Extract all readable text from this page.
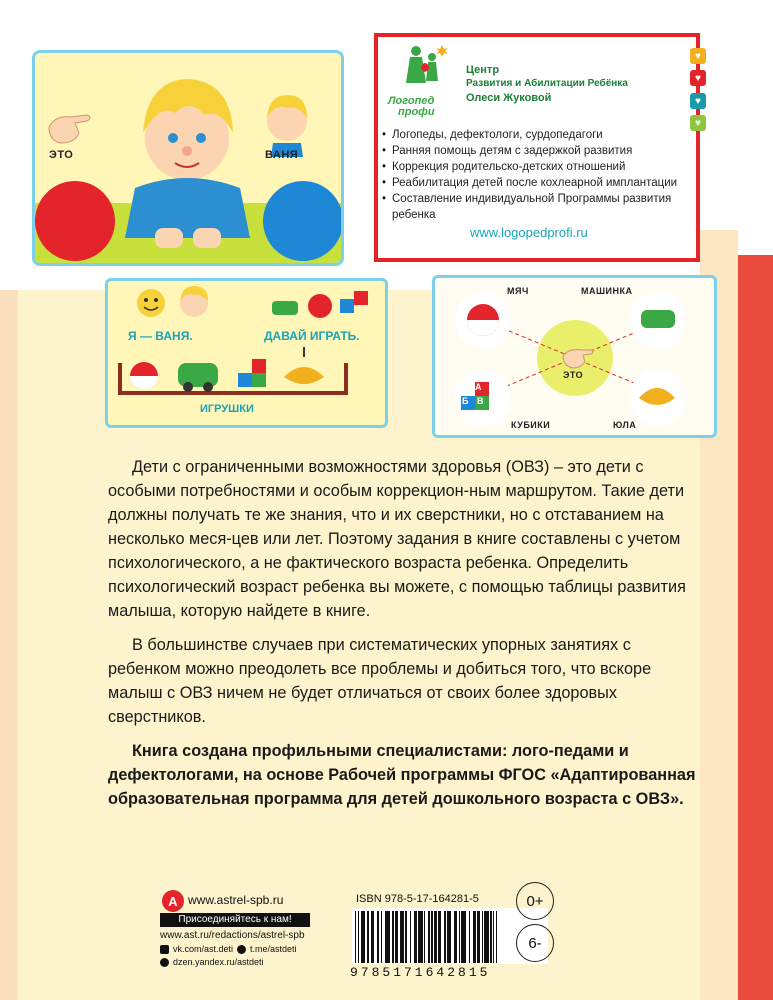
ЭТО	ВАНЯ
Логопед
профи
Центр
Развития и Абилитации Ребёнка
Олеси Жуковой
• Логопеды, дефектологи, сурдопедагоги
• Ранняя помощь детям с задержкой развития
• Коррекция родительско-детских отношений
• Реабилитация детей после кохлеарной имплантации
• Составление индивидуальной Программы развития ребенка
www.logopedprofi.ru
♥
♥
♥
♥
Я — ВАНЯ.	ДАВАЙ ИГРАТЬ.
ИГРУШКИ
МЯЧ	МАШИНКА
ЭТО
КУБИКИ	ЮЛА
А
Б В

Дети с ограниченными возможностями здоровья (ОВЗ) – это дети с особыми потребностями и особым коррекцион-ным маршрутом. Такие дети должны получать те же знания, что и их сверстники, но с отставанием на несколько меся-цев или лет. Поэтому задания в книге составлены с учетом психологического, а не фактического возраста ребенка. Определить психологический возраст ребенка вы можете, с помощью таблицы развития малыша, которую найдете в книге.

В большинстве случаев при систематических упорных занятиях с ребенком можно преодолеть все проблемы и добиться того, что вскоре малыш с ОВЗ ничем не будет отличаться от своих более здоровых сверстников.

Книга создана профильными специалистами: лого-педами и дефектологами, на основе Рабочей программы ФГОС «Адаптированная образовательная программа для детей дошкольного возраста с ОВЗ».

A www.astrel-spb.ru
Присоединяйтесь к нам!
www.ast.ru/redactions/astrel-spb
vk.com/ast.deti t.me/astdeti
dzen.yandex.ru/astdeti
ISBN 978-5-17-164281-5
9785171642815
0+
6-
